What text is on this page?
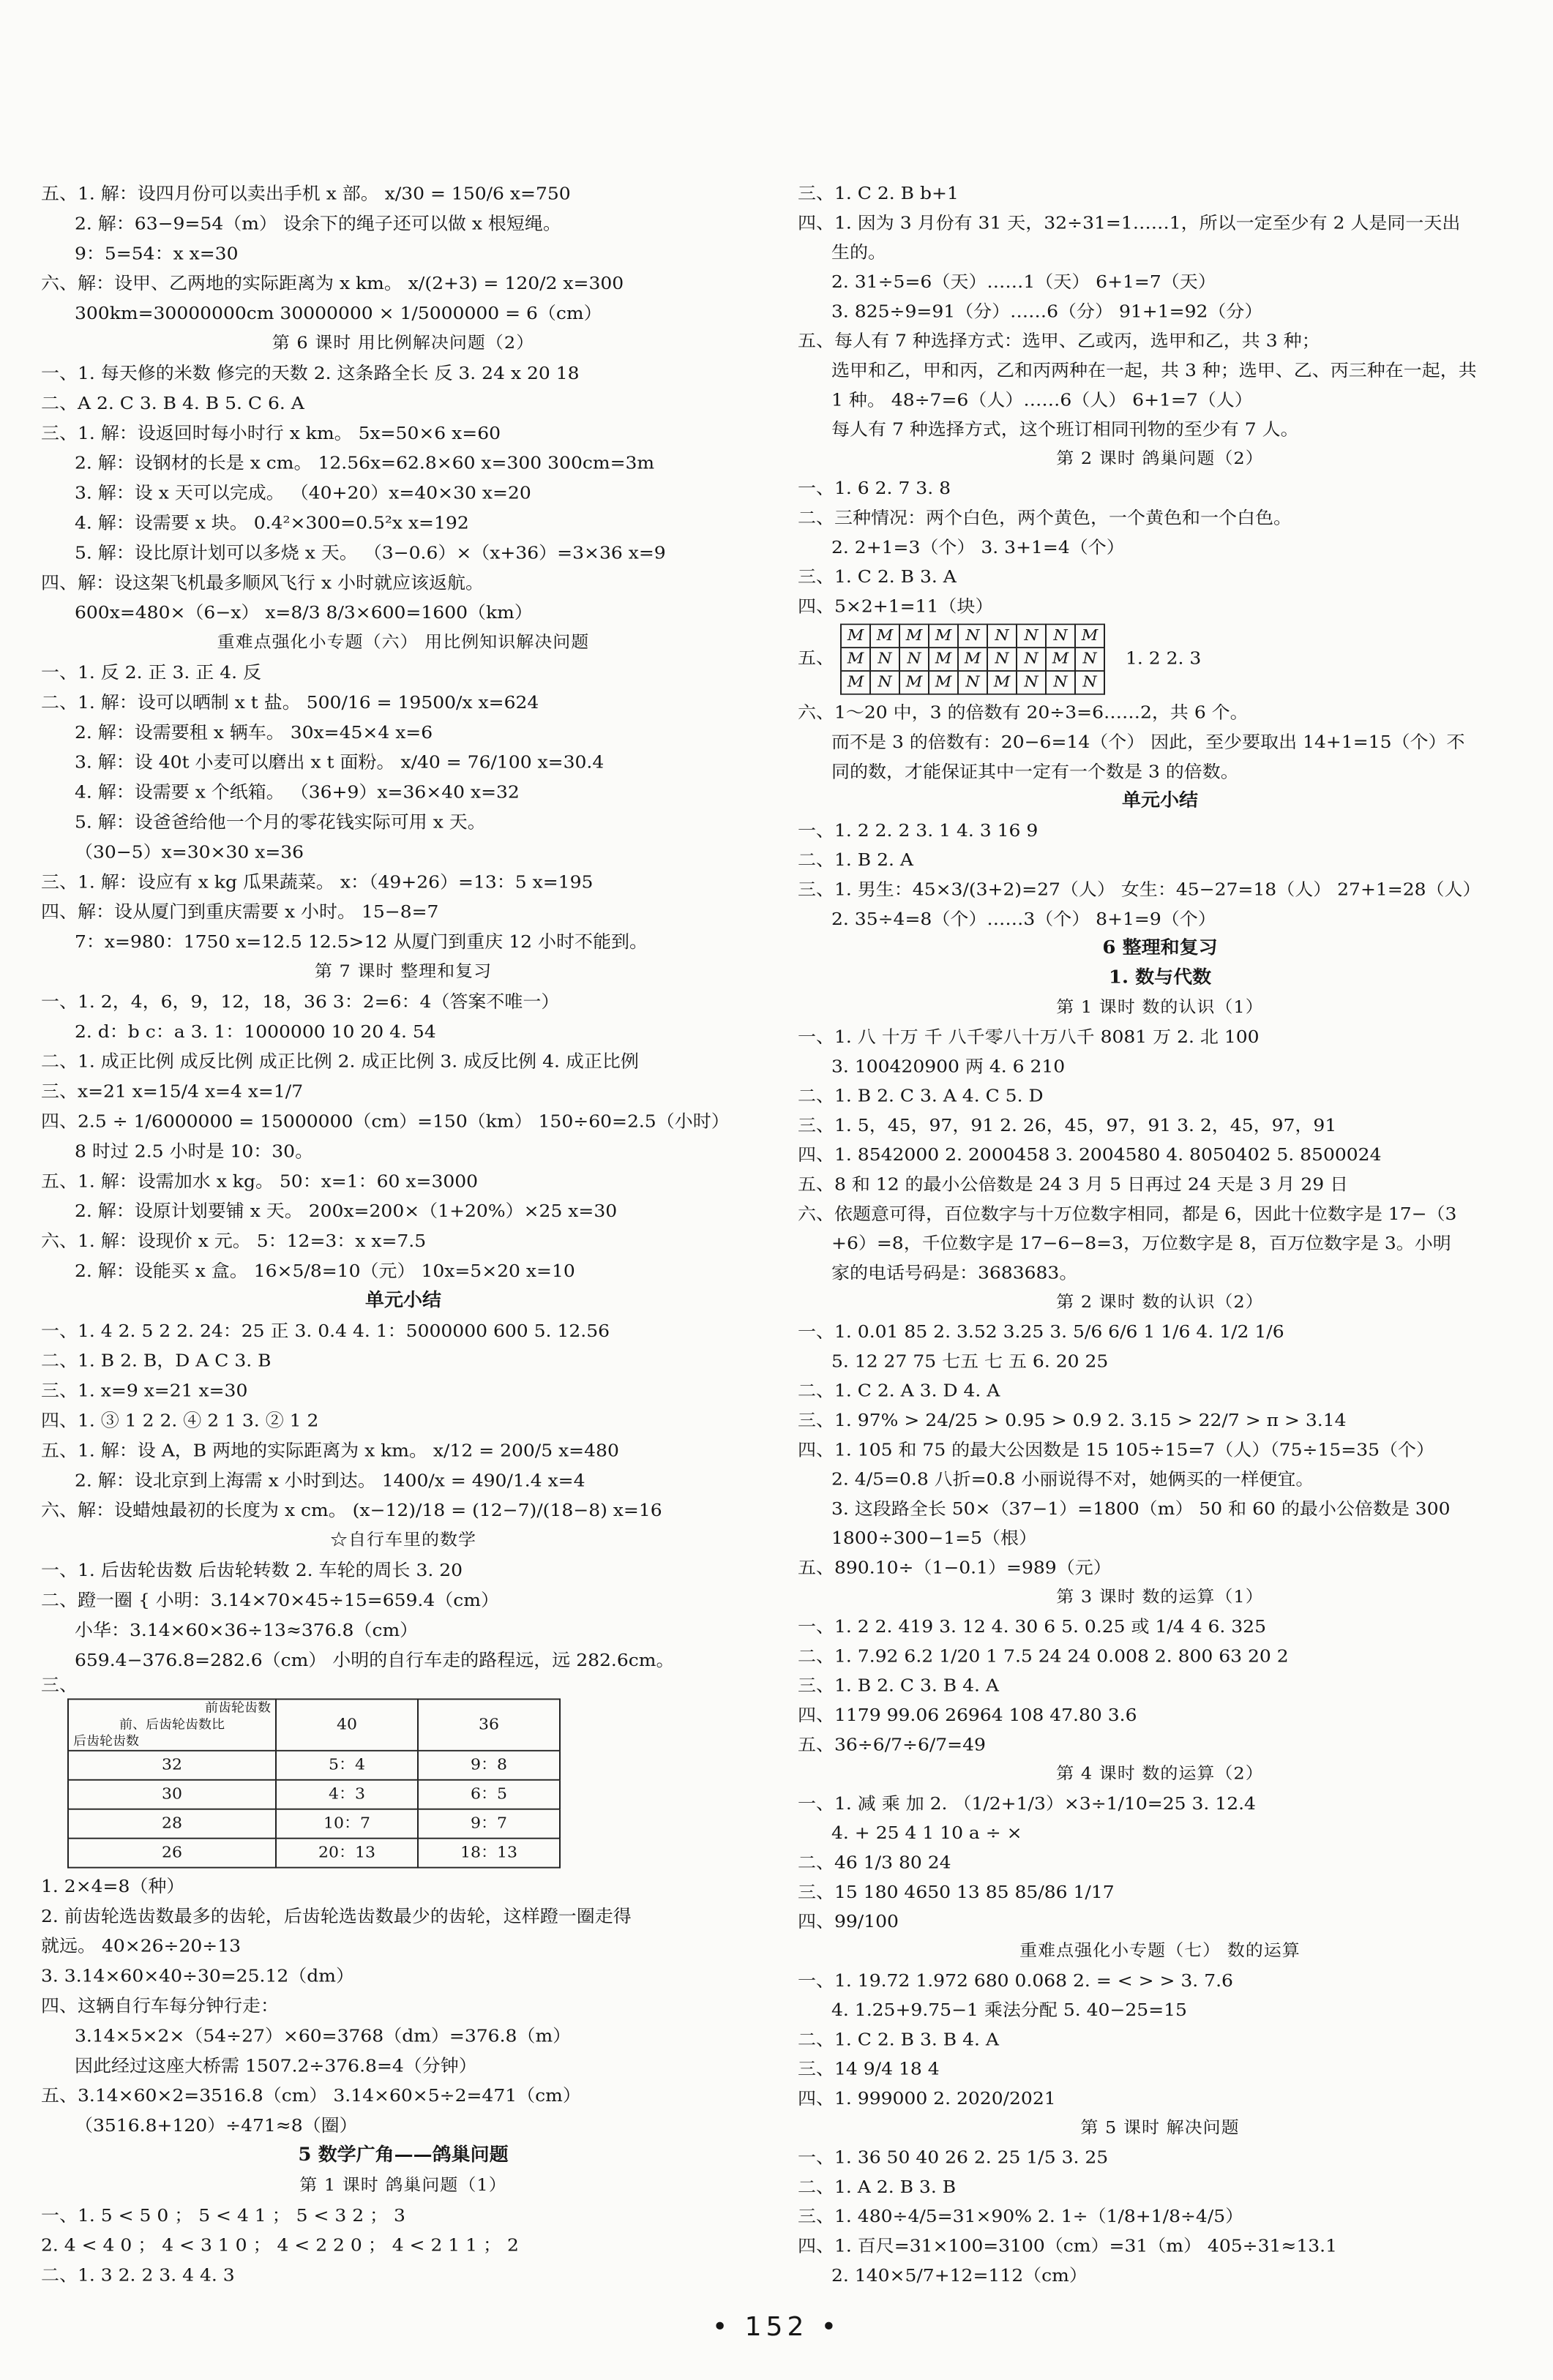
五、1. 解：设四月份可以卖出手机 x 部。 x/30 = 150/6 x=750
2. 解：63−9=54（m） 设余下的绳子还可以做 x 根短绳。
9：5=54：x x=30
六、解：设甲、乙两地的实际距离为 x km。 x/(2+3) = 120/2 x=300
300km=30000000cm 30000000 × 1/5000000 = 6（cm）
第 6 课时 用比例解决问题（2）
一、1. 每天修的米数 修完的天数 2. 这条路全长 反 3. 24 x 20 18
二、A 2. C 3. B 4. B 5. C 6. A
三、1. 解：设返回时每小时行 x km。 5x=50×6 x=60
2. 解：设钢材的长是 x cm。 12.56x=62.8×60 x=300 300cm=3m
3. 解：设 x 天可以完成。 （40+20）x=40×30 x=20
4. 解：设需要 x 块。 0.4²×300=0.5²x x=192
5. 解：设比原计划可以多烧 x 天。 （3−0.6）×（x+36）=3×36 x=9
四、解：设这架飞机最多顺风飞行 x 小时就应该返航。
600x=480×（6−x） x=8/3 8/3×600=1600（km）
重难点强化小专题（六） 用比例知识解决问题
一、1. 反 2. 正 3. 正 4. 反
二、1. 解：设可以晒制 x t 盐。 500/16 = 19500/x x=624
2. 解：设需要租 x 辆车。 30x=45×4 x=6
3. 解：设 40t 小麦可以磨出 x t 面粉。 x/40 = 76/100 x=30.4
4. 解：设需要 x 个纸箱。 （36+9）x=36×40 x=32
5. 解：设爸爸给他一个月的零花钱实际可用 x 天。
（30−5）x=30×30 x=36
三、1. 解：设应有 x kg 瓜果蔬菜。 x：（49+26）=13：5 x=195
四、解：设从厦门到重庆需要 x 小时。 15−8=7
7：x=980：1750 x=12.5 12.5>12 从厦门到重庆 12 小时不能到。
第 7 课时 整理和复习
一、1. 2，4，6，9，12，18，36 3：2=6：4（答案不唯一）
2. d：b c：a 3. 1：1000000 10 20 4. 54
二、1. 成正比例 成反比例 成正比例 2. 成正比例 3. 成反比例 4. 成正比例
三、x=21 x=15/4 x=4 x=1/7
四、2.5 ÷ 1/6000000 = 15000000（cm）=150（km） 150÷60=2.5（小时）
8 时过 2.5 小时是 10：30。
五、1. 解：设需加水 x kg。 50：x=1：60 x=3000
2. 解：设原计划要铺 x 天。 200x=200×（1+20%）×25 x=30
六、1. 解：设现价 x 元。 5：12=3：x x=7.5
2. 解：设能买 x 盒。 16×5/8=10（元） 10x=5×20 x=10
单元小结
一、1. 4 2. 5 2 2. 24：25 正 3. 0.4 4. 1：5000000 600 5. 12.56
二、1. B 2. B，D A C 3. B
三、1. x=9 x=21 x=30
四、1. ③ 1 2 2. ④ 2 1 3. ② 1 2
五、1. 解：设 A，B 两地的实际距离为 x km。 x/12 = 200/5 x=480
2. 解：设北京到上海需 x 小时到达。 1400/x = 490/1.4 x=4
六、解：设蜡烛最初的长度为 x cm。 (x−12)/18 = (12−7)/(18−8) x=16
☆自行车里的数学
一、1. 后齿轮齿数 后齿轮转数 2. 车轮的周长 3. 20
二、蹬一圈 { 小明：3.14×70×45÷15=659.4（cm）
小华：3.14×60×36÷13≈376.8（cm）
659.4−376.8=282.6（cm） 小明的自行车走的路程远，远 282.6cm。
三、
前齿轮齿数
前、后齿轮齿数比
后齿轮齿数	40	36
32	5：4	9：8
30	4：3	6：5
28	10：7	9：7
26	20：13	18：13
1. 2×4=8（种）
2. 前齿轮选齿数最多的齿轮，后齿轮选齿数最少的齿轮，这样蹬一圈走得
就远。 40×26÷20÷13
3. 3.14×60×40÷30=25.12（dm）
四、这辆自行车每分钟行走：
3.14×5×2×（54÷27）×60=3768（dm）=376.8（m）
因此经过这座大桥需 1507.2÷376.8=4（分钟）
五、3.14×60×2=3516.8（cm） 3.14×60×5÷2=471（cm）
（3516.8+120）÷471≈8（圈）
5 数学广角——鸽巢问题
第 1 课时 鸽巢问题（1）
一、1. 5 < 5 0 ； 5 < 4 1 ； 5 < 3 2 ； 3
2. 4 < 4 0 ； 4 < 3 1 0 ； 4 < 2 2 0 ； 4 < 2 1 1 ； 2
二、1. 3 2. 2 3. 4 4. 3
三、1. C 2. B b+1
四、1. 因为 3 月份有 31 天，32÷31=1……1，所以一定至少有 2 人是同一天出
生的。
2. 31÷5=6（天）……1（天） 6+1=7（天）
3. 825÷9=91（分）……6（分） 91+1=92（分）
五、每人有 7 种选择方式：选甲、乙或丙，选甲和乙，共 3 种；
选甲和乙，甲和丙，乙和丙两种在一起，共 3 种；选甲、乙、丙三种在一起，共
1 种。 48÷7=6（人）……6（人） 6+1=7（人）
每人有 7 种选择方式，这个班订相同刊物的至少有 7 人。
第 2 课时 鸽巢问题（2）
一、1. 6 2. 7 3. 8
二、三种情况：两个白色，两个黄色，一个黄色和一个白色。
2. 2+1=3（个） 3. 3+1=4（个）
三、1. C 2. B 3. A
四、5×2+1=11（块）
五、M	M	M	M	N	N	N	N	M
M	N	N	M	M	N	N	M	N
M	N	M	M	N	M	N	N	N 1. 2 2. 3
六、1～20 中，3 的倍数有 20÷3=6……2，共 6 个。
而不是 3 的倍数有：20−6=14（个） 因此，至少要取出 14+1=15（个）不
同的数，才能保证其中一定有一个数是 3 的倍数。
单元小结
一、1. 2 2. 2 3. 1 4. 3 16 9
二、1. B 2. A
三、1. 男生：45×3/(3+2)=27（人） 女生：45−27=18（人） 27+1=28（人）
2. 35÷4=8（个）……3（个） 8+1=9（个）
6 整理和复习
1. 数与代数
第 1 课时 数的认识（1）
一、1. 八 十万 千 八千零八十万八千 8081 万 2. 北 100
3. 100420900 两 4. 6 210
二、1. B 2. C 3. A 4. C 5. D
三、1. 5，45，97，91 2. 26，45，97，91 3. 2，45，97，91
四、1. 8542000 2. 2000458 3. 2004580 4. 8050402 5. 8500024
五、8 和 12 的最小公倍数是 24 3 月 5 日再过 24 天是 3 月 29 日
六、依题意可得，百位数字与十万位数字相同，都是 6，因此十位数字是 17−（3
+6）=8，千位数字是 17−6−8=3，万位数字是 8，百万位数字是 3。小明
家的电话号码是：3683683。
第 2 课时 数的认识（2）
一、1. 0.01 85 2. 3.52 3.25 3. 5/6 6/6 1 1/6 4. 1/2 1/6
5. 12 27 75 七五 七 五 6. 20 25
二、1. C 2. A 3. D 4. A
三、1. 97% > 24/25 > 0.95 > 0.9 2. 3.15 > 22/7 > π > 3.14
四、1. 105 和 75 的最大公因数是 15 105÷15=7（人）（75÷15=35（个）
2. 4/5=0.8 八折=0.8 小丽说得不对，她俩买的一样便宜。
3. 这段路全长 50×（37−1）=1800（m） 50 和 60 的最小公倍数是 300
1800÷300−1=5（根）
五、890.10÷（1−0.1）=989（元）
第 3 课时 数的运算（1）
一、1. 2 2. 419 3. 12 4. 30 6 5. 0.25 或 1/4 4 6. 325
二、1. 7.92 6.2 1/20 1 7.5 24 24 0.008 2. 800 63 20 2
三、1. B 2. C 3. B 4. A
四、1179 99.06 26964 108 47.80 3.6
五、36÷6/7÷6/7=49
第 4 课时 数的运算（2）
一、1. 减 乘 加 2. （1/2+1/3）×3÷1/10=25 3. 12.4
4. + 25 4 1 10 a ÷ ×
二、46 1/3 80 24
三、15 180 4650 13 85 85/86 1/17
四、99/100
重难点强化小专题（七） 数的运算
一、1. 19.72 1.972 680 0.068 2. = < > > 3. 7.6
4. 1.25+9.75−1 乘法分配 5. 40−25=15
二、1. C 2. B 3. B 4. A
三、14 9/4 18 4
四、1. 999000 2. 2020/2021
第 5 课时 解决问题
一、1. 36 50 40 26 2. 25 1/5 3. 25
二、1. A 2. B 3. B
三、1. 480÷4/5=31×90% 2. 1÷（1/8+1/8÷4/5）
四、1. 百尺=31×100=3100（cm）=31（m） 405÷31≈13.1
2. 140×5/7+12=112（cm）
• 152 •
